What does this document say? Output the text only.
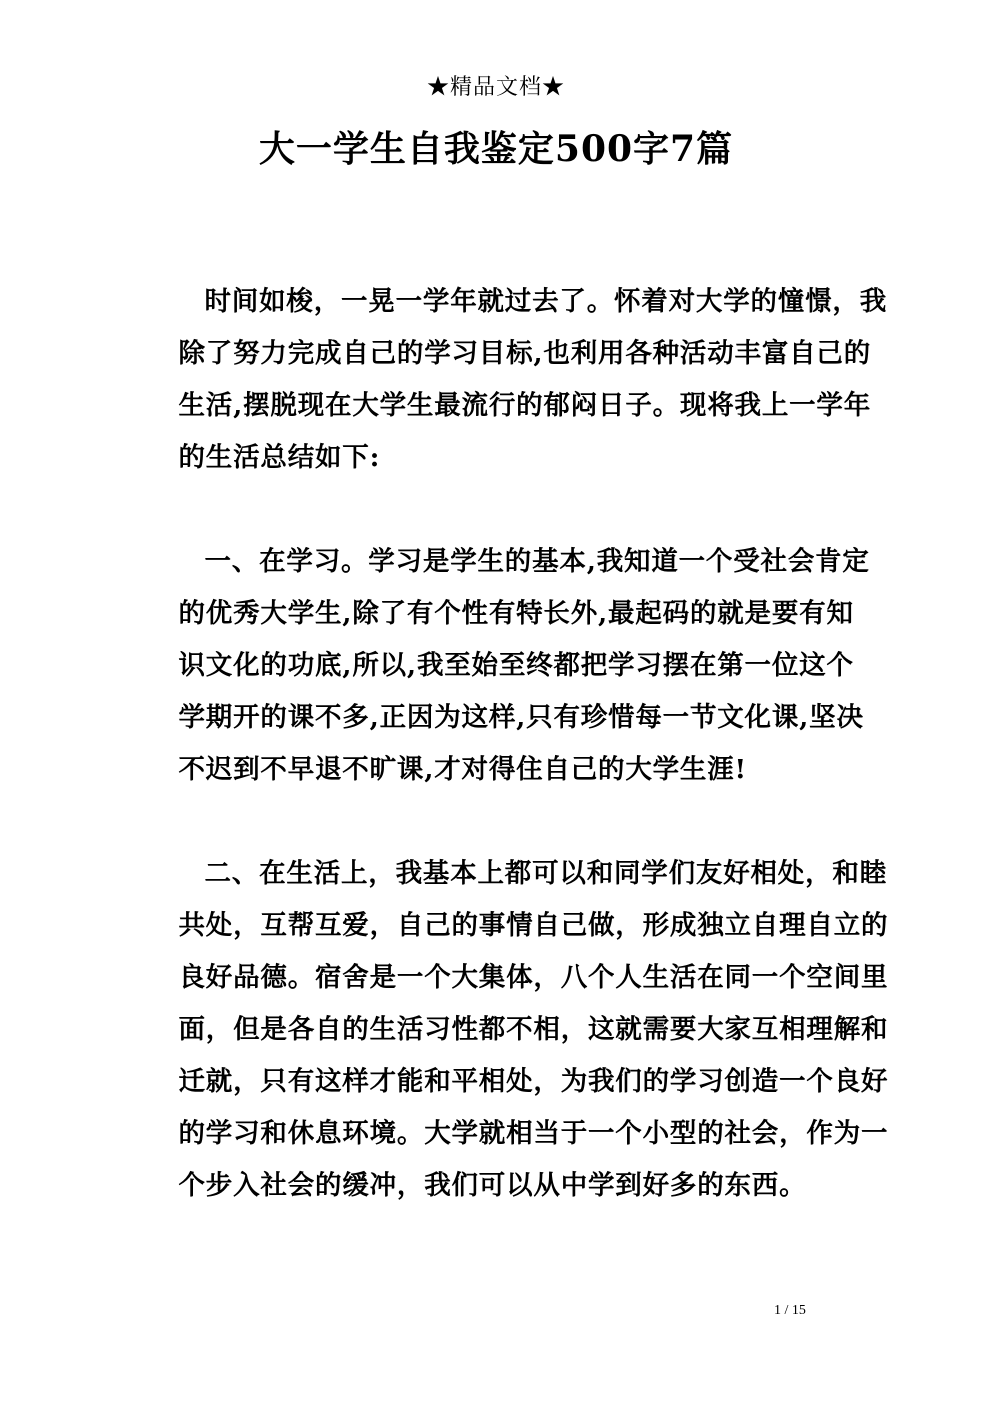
★精品文档★
大一学生自我鉴定500字7篇

时间如梭，一晃一学年就过去了。怀着对大学的憧憬，我
除了努力完成自己的学习目标,也利用各种活动丰富自己的
生活,摆脱现在大学生最流行的郁闷日子。现将我上一学年
的生活总结如下:

一、在学习。学习是学生的基本,我知道一个受社会肯定
的优秀大学生,除了有个性有特长外,最起码的就是要有知
识文化的功底,所以,我至始至终都把学习摆在第一位这个
学期开的课不多,正因为这样,只有珍惜每一节文化课,坚决
不迟到不早退不旷课,才对得住自己的大学生涯!

二、在生活上，我基本上都可以和同学们友好相处，和睦
共处，互帮互爱，自己的事情自己做，形成独立自理自立的
良好品德。宿舍是一个大集体，八个人生活在同一个空间里
面，但是各自的生活习性都不相，这就需要大家互相理解和
迁就，只有这样才能和平相处，为我们的学习创造一个良好
的学习和休息环境。大学就相当于一个小型的社会，作为一
个步入社会的缓冲，我们可以从中学到好多的东西。

1 / 15
